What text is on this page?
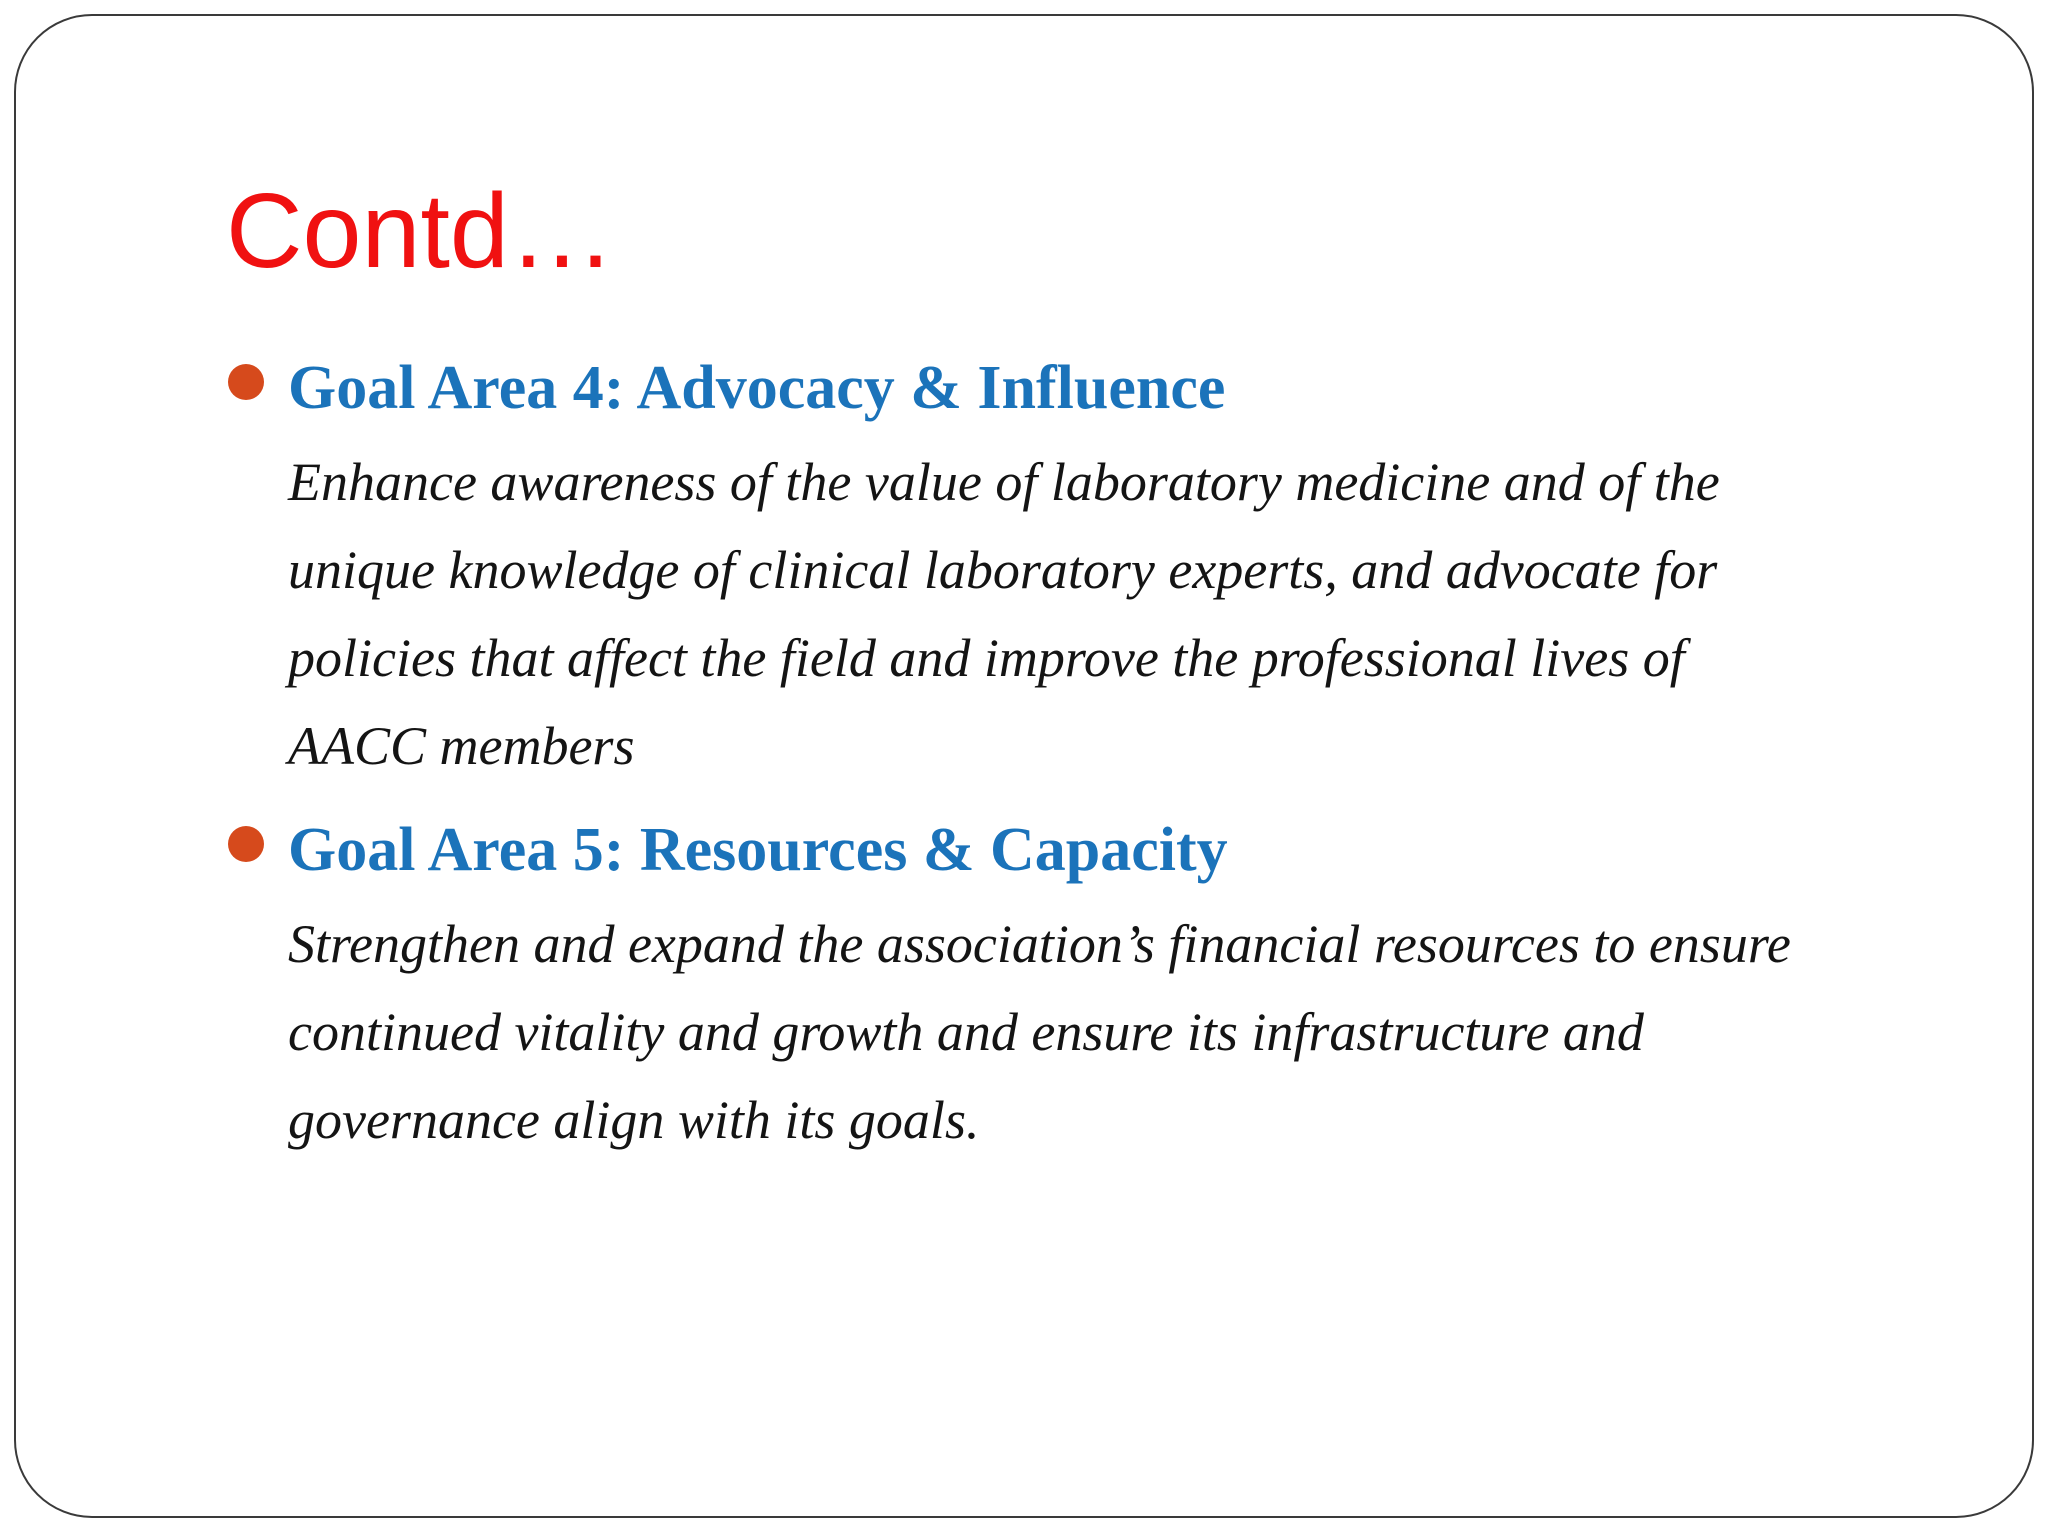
Contd…
Goal Area 4: Advocacy & Influence

Enhance awareness of the value of laboratory medicine and of the
unique knowledge of clinical laboratory experts, and advocate for
policies that affect the field and improve the professional lives of
AACC members

Goal Area 5: Resources & Capacity

Strengthen and expand the association’s financial resources to ensure
continued vitality and growth and ensure its infrastructure and
governance align with its goals.
